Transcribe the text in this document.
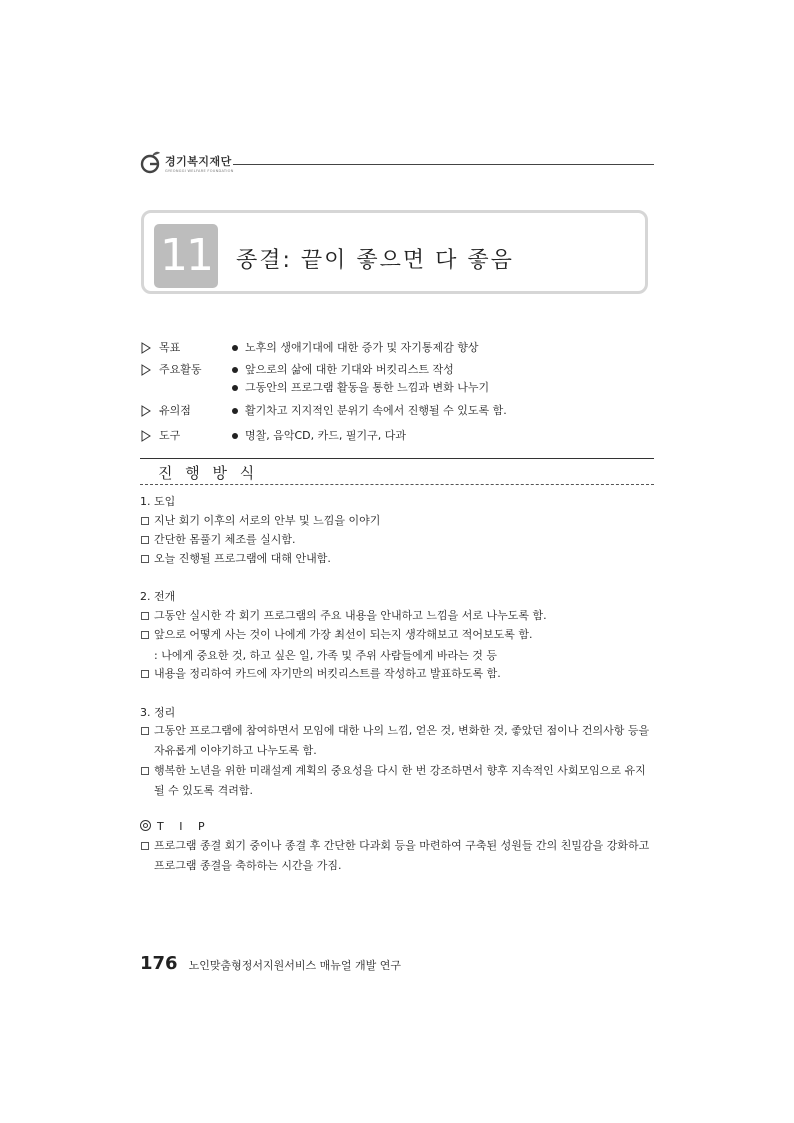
경기복지재단
GYEONGGI WELFARE FOUNDATION
11 종결: 끝이 좋으면 다 좋음
목표	노후의 생애기대에 대한 증가 및 자기통제감 향상
주요활동	앞으로의 삶에 대한 기대와 버킷리스트 작성
그동안의 프로그램 활동을 통한 느낌과 변화 나누기
유의점	활기차고 지지적인 분위기 속에서 진행될 수 있도록 함.
도구	명찰, 음악CD, 카드, 필기구, 다과
진 행 방 식
1. 도입
지난 회기 이후의 서로의 안부 및 느낌을 이야기
간단한 몸풀기 체조를 실시함.
오늘 진행될 프로그램에 대해 안내함.
2. 전개
그동안 실시한 각 회기 프로그램의 주요 내용을 안내하고 느낌을 서로 나누도록 함.
앞으로 어떻게 사는 것이 나에게 가장 최선이 되는지 생각해보고 적어보도록 함.
: 나에게 중요한 것, 하고 싶은 일, 가족 및 주위 사람들에게 바라는 것 등
내용을 정리하여 카드에 자기만의 버킷리스트를 작성하고 발표하도록 함.
3. 정리
그동안 프로그램에 참여하면서 모임에 대한 나의 느낌, 얻은 것, 변화한 것, 좋았던 점이나 건의사항 등을 자유롭게 이야기하고 나누도록 함.
행복한 노년을 위한 미래설계 계획의 중요성을 다시 한 번 강조하면서 향후 지속적인 사회모임으로 유지될 수 있도록 격려함.
T I P
프로그램 종결 회기 중이나 종결 후 간단한 다과회 등을 마련하여 구축된 성원들 간의 친밀감을 강화하고 프로그램 종결을 축하하는 시간을 가짐.
176 노인맞춤형정서지원서비스 매뉴얼 개발 연구
